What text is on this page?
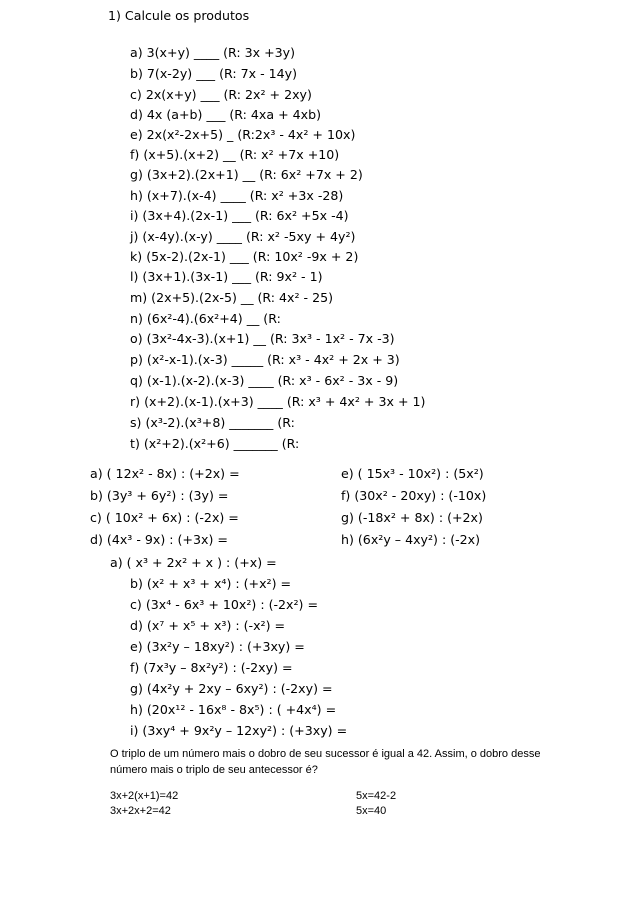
1) Calcule os produtos
a) 3(x+y) ____ (R: 3x +3y)
b) 7(x-2y) ___ (R: 7x - 14y)
c) 2x(x+y) ___ (R: 2x² + 2xy)
d) 4x (a+b) ___ (R: 4xa + 4xb)
e) 2x(x²-2x+5) _ (R:2x³ - 4x² + 10x)
f) (x+5).(x+2) __ (R: x² +7x +10)
g) (3x+2).(2x+1) __ (R: 6x² +7x + 2)
h) (x+7).(x-4) ____ (R: x² +3x -28)
i) (3x+4).(2x-1) ___ (R: 6x² +5x -4)
j) (x-4y).(x-y) ____ (R: x² -5xy + 4y²)
k) (5x-2).(2x-1) ___ (R: 10x² -9x + 2)
l) (3x+1).(3x-1) ___ (R: 9x² - 1)
m) (2x+5).(2x-5) __ (R: 4x² - 25)
n) (6x²-4).(6x²+4) __ (R:
o) (3x²-4x-3).(x+1) __ (R: 3x³ - 1x² - 7x -3)
p) (x²-x-1).(x-3) _____ (R: x³ - 4x² + 2x + 3)
q) (x-1).(x-2).(x-3) ____ (R: x³ - 6x² - 3x - 9)
r) (x+2).(x-1).(x+3) ____ (R: x³ + 4x² + 3x + 1)
s) (x³-2).(x³+8) _______ (R:
t) (x²+2).(x²+6) _______ (R:
a) ( 12x² - 8x) : (+2x) =
b) (3y³ + 6y²) : (3y) =
c) ( 10x² + 6x) : (-2x) =
d) (4x³ - 9x) : (+3x) =
e) ( 15x³ - 10x²) : (5x²)
f) (30x² - 20xy) : (-10x)
g) (-18x² + 8x) : (+2x)
h) (6x²y – 4xy²) : (-2x)
a) ( x³ + 2x² + x ) : (+x) =
b) (x² + x³ + x⁴) : (+x²) =
c) (3x⁴ - 6x³ + 10x²) : (-2x²) =
d) (x⁷ + x⁵ + x³) : (-x²) =
e) (3x²y – 18xy²) : (+3xy) =
f) (7x³y – 8x²y²) : (-2xy) =
g) (4x²y + 2xy – 6xy²) : (-2xy) =
h) (20x¹² - 16x⁸ - 8x⁵) : ( +4x⁴) =
i) (3xy⁴ + 9x²y – 12xy²) : (+3xy) =
O triplo de um número mais o dobro de seu sucessor é igual a 42. Assim, o dobro desse
número mais o triplo de seu antecessor é?
3x+2(x+1)=42
3x+2x+2=42
5x=42-2
5x=40
